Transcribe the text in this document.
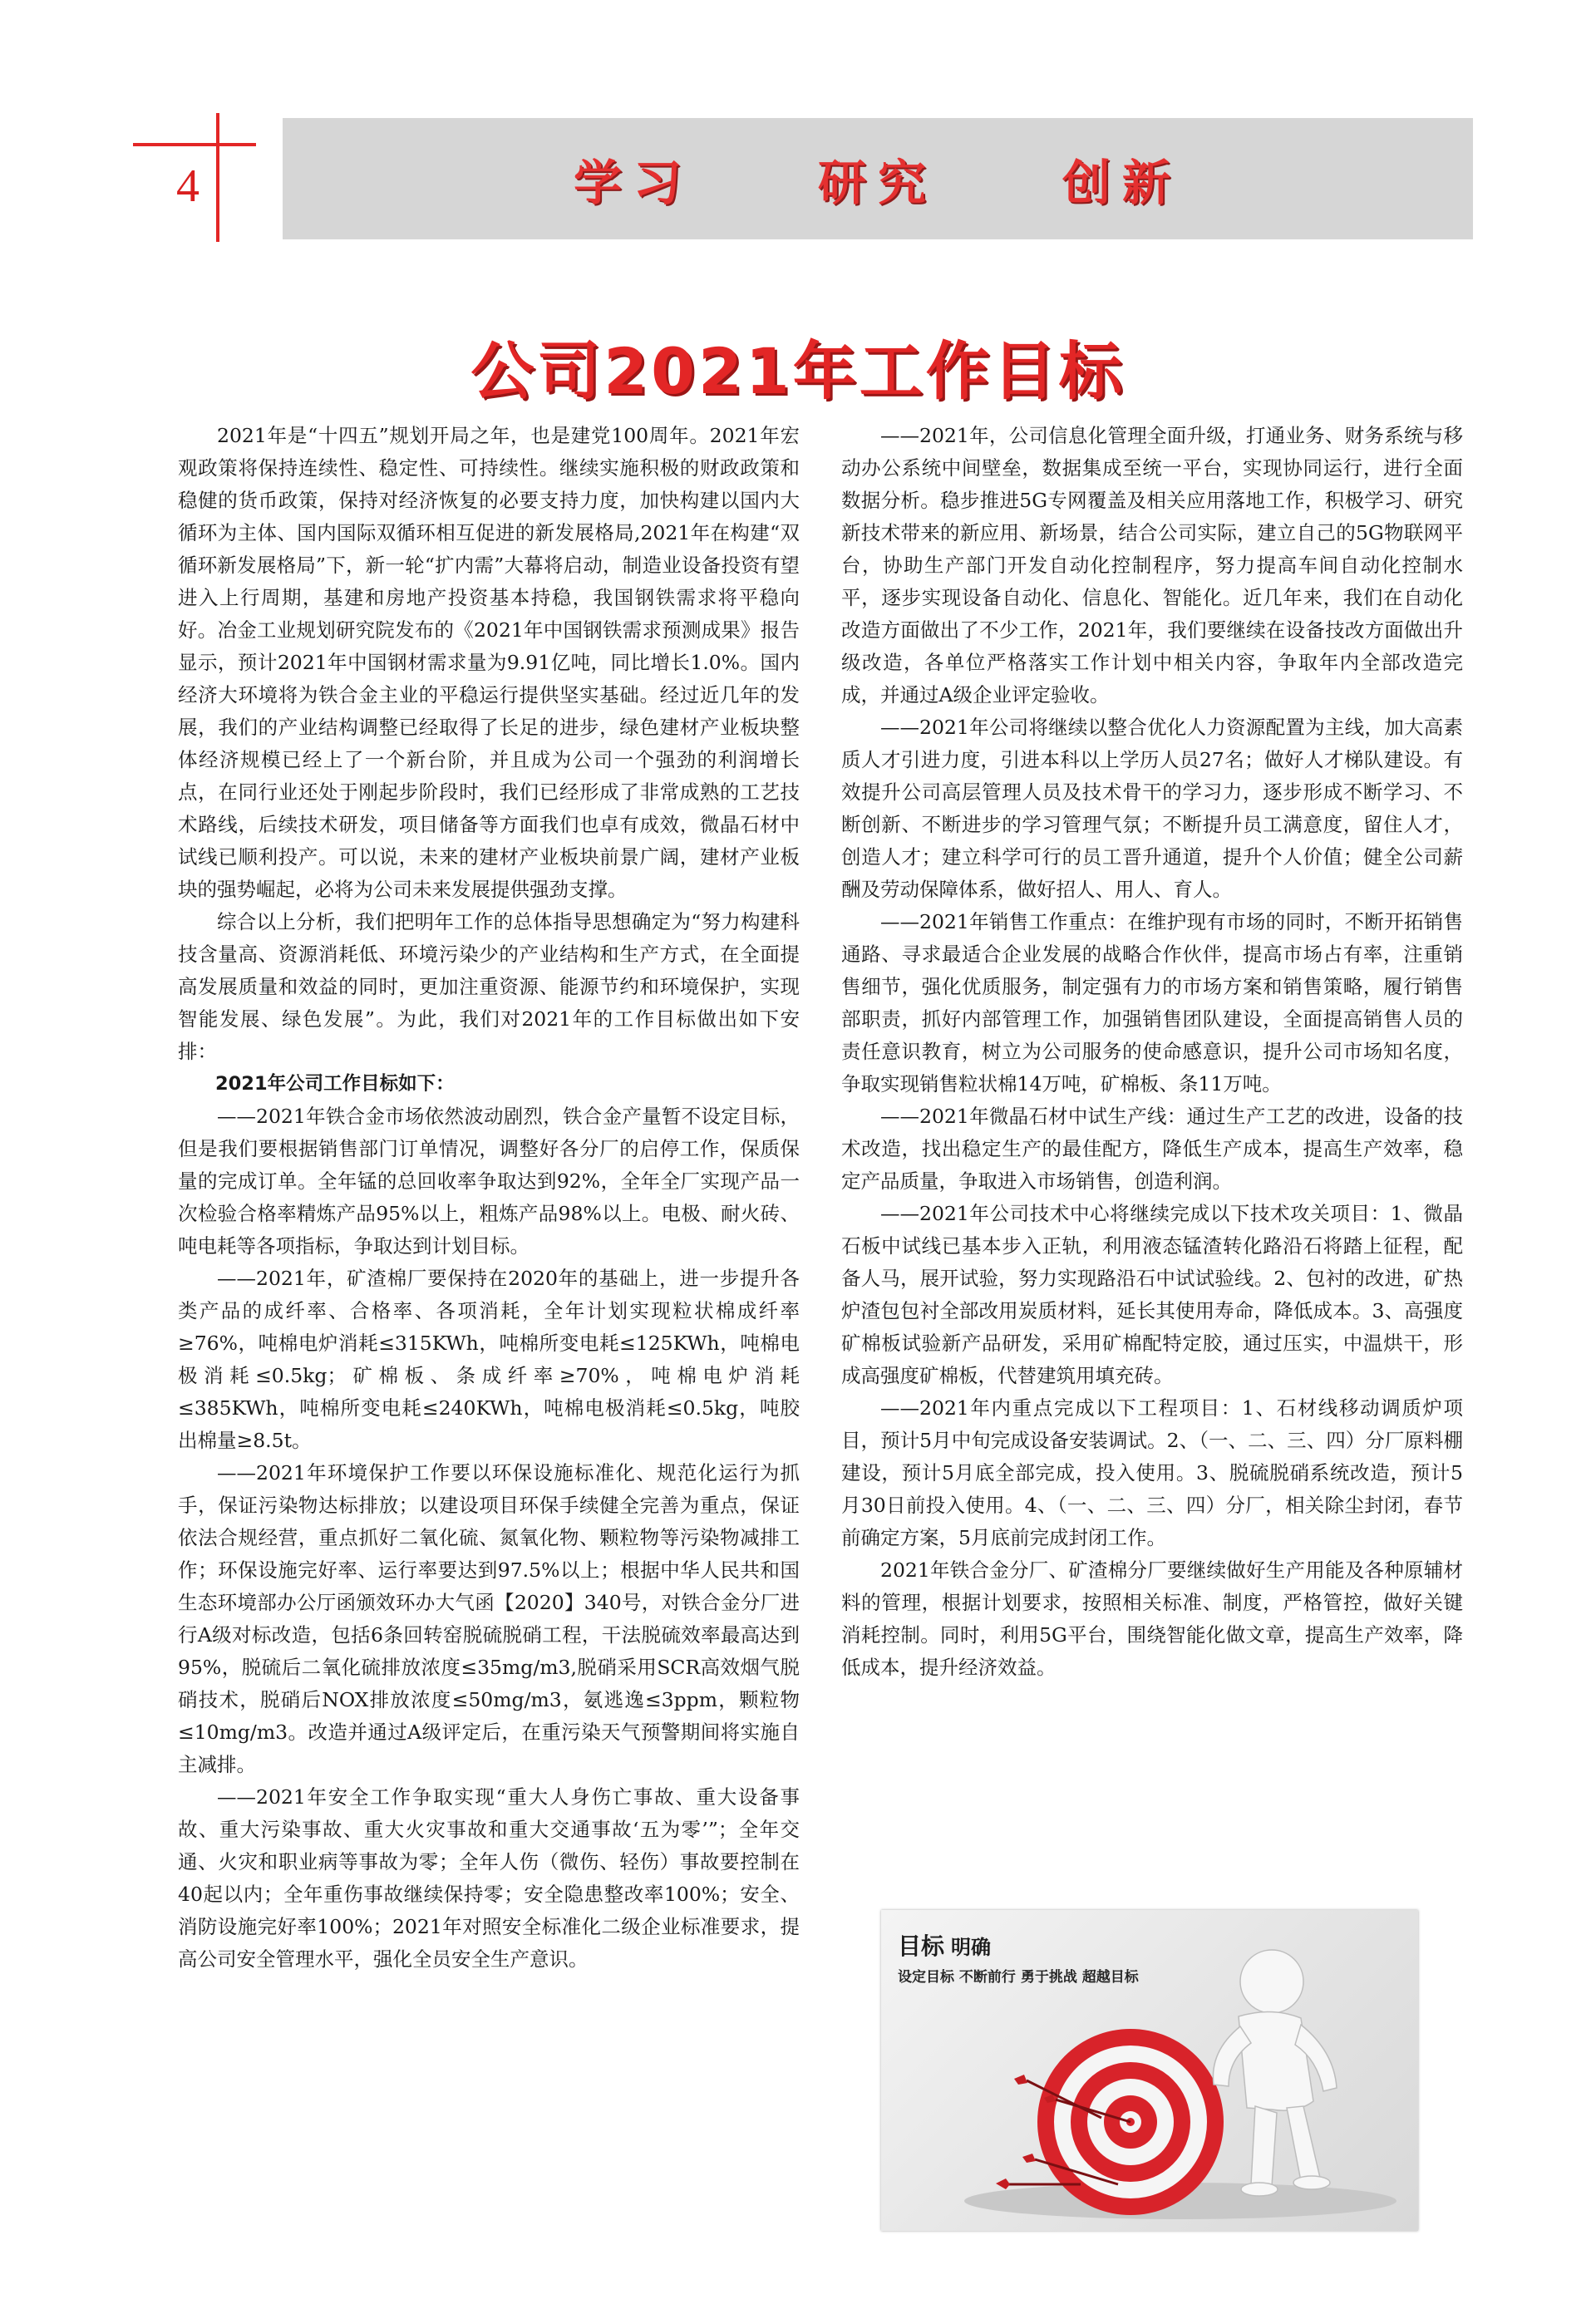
4	学习	研究	创新
公司2021年工作目标

2021年是“十四五”规划开局之年，也是建党100周年。2021年宏观政策将保持连续性、稳定性、可持续性。继续实施积极的财政政策和稳健的货币政策，保持对经济恢复的必要支持力度，加快构建以国内大循环为主体、国内国际双循环相互促进的新发展格局,2021年在构建“双循环新发展格局”下，新一轮“扩内需”大幕将启动，制造业设备投资有望进入上行周期，基建和房地产投资基本持稳，我国钢铁需求将平稳向好。冶金工业规划研究院发布的《2021年中国钢铁需求预测成果》报告显示，预计2021年中国钢材需求量为9.91亿吨，同比增长1.0%。国内经济大环境将为铁合金主业的平稳运行提供坚实基础。经过近几年的发展，我们的产业结构调整已经取得了长足的进步，绿色建材产业板块整体经济规模已经上了一个新台阶，并且成为公司一个强劲的利润增长点，在同行业还处于刚起步阶段时，我们已经形成了非常成熟的工艺技术路线，后续技术研发，项目储备等方面我们也卓有成效，微晶石材中试线已顺利投产。可以说，未来的建材产业板块前景广阔，建材产业板块的强势崛起，必将为公司未来发展提供强劲支撑。

综合以上分析，我们把明年工作的总体指导思想确定为“努力构建科技含量高、资源消耗低、环境污染少的产业结构和生产方式，在全面提高发展质量和效益的同时，更加注重资源、能源节约和环境保护，实现智能发展、绿色发展”。为此，我们对2021年的工作目标做出如下安排：

2021年公司工作目标如下：

——2021年铁合金市场依然波动剧烈，铁合金产量暂不设定目标，但是我们要根据销售部门订单情况，调整好各分厂的启停工作，保质保量的完成订单。全年锰的总回收率争取达到92%，全年全厂实现产品一次检验合格率精炼产品95%以上，粗炼产品98%以上。电极、耐火砖、吨电耗等各项指标，争取达到计划目标。

——2021年，矿渣棉厂要保持在2020年的基础上，进一步提升各类产品的成纤率、合格率、各项消耗，全年计划实现粒状棉成纤率≥76%，吨棉电炉消耗≤315KWh，吨棉所变电耗≤125KWh，吨棉电极消耗≤0.5kg；矿棉板、条成纤率≥70%，吨棉电炉消耗≤385KWh，吨棉所变电耗≤240KWh，吨棉电极消耗≤0.5kg，吨胶出棉量≥8.5t。

——2021年环境保护工作要以环保设施标准化、规范化运行为抓手，保证污染物达标排放；以建设项目环保手续健全完善为重点，保证依法合规经营，重点抓好二氧化硫、氮氧化物、颗粒物等污染物减排工作；环保设施完好率、运行率要达到97.5%以上；根据中华人民共和国生态环境部办公厅函颁效环办大气函【2020】340号，对铁合金分厂进行A级对标改造，包括6条回转窑脱硫脱硝工程，干法脱硫效率最高达到95%，脱硫后二氧化硫排放浓度≤35mg/m3,脱硝采用SCR高效烟气脱硝技术，脱硝后NOX排放浓度≤50mg/m3，氨逃逸≤3ppm，颗粒物≤10mg/m3。改造并通过A级评定后，在重污染天气预警期间将实施自主减排。

——2021年安全工作争取实现“重大人身伤亡事故、重大设备事故、重大污染事故、重大火灾事故和重大交通事故‘五为零’”；全年交通、火灾和职业病等事故为零；全年人伤（微伤、轻伤）事故要控制在40起以内；全年重伤事故继续保持零；安全隐患整改率100%；安全、消防设施完好率100%；2021年对照安全标准化二级企业标准要求，提高公司安全管理水平，强化全员安全生产意识。

——2021年，公司信息化管理全面升级，打通业务、财务系统与移动办公系统中间壁垒，数据集成至统一平台，实现协同运行，进行全面数据分析。稳步推进5G专网覆盖及相关应用落地工作，积极学习、研究新技术带来的新应用、新场景，结合公司实际，建立自己的5G物联网平台，协助生产部门开发自动化控制程序，努力提高车间自动化控制水平，逐步实现设备自动化、信息化、智能化。近几年来，我们在自动化改造方面做出了不少工作，2021年，我们要继续在设备技改方面做出升级改造，各单位严格落实工作计划中相关内容，争取年内全部改造完成，并通过A级企业评定验收。

——2021年公司将继续以整合优化人力资源配置为主线，加大高素质人才引进力度，引进本科以上学历人员27名；做好人才梯队建设。有效提升公司高层管理人员及技术骨干的学习力，逐步形成不断学习、不断创新、不断进步的学习管理气氛；不断提升员工满意度，留住人才，创造人才；建立科学可行的员工晋升通道，提升个人价值；健全公司薪酬及劳动保障体系，做好招人、用人、育人。

——2021年销售工作重点：在维护现有市场的同时，不断开拓销售通路、寻求最适合企业发展的战略合作伙伴，提高市场占有率，注重销售细节，强化优质服务，制定强有力的市场方案和销售策略，履行销售部职责，抓好内部管理工作，加强销售团队建设，全面提高销售人员的责任意识教育，树立为公司服务的使命感意识，提升公司市场知名度，争取实现销售粒状棉14万吨，矿棉板、条11万吨。

——2021年微晶石材中试生产线：通过生产工艺的改进，设备的技术改造，找出稳定生产的最佳配方，降低生产成本，提高生产效率，稳定产品质量，争取进入市场销售，创造利润。

——2021年公司技术中心将继续完成以下技术攻关项目：1、微晶石板中试线已基本步入正轨，利用液态锰渣转化路沿石将踏上征程，配备人马，展开试验，努力实现路沿石中试试验线。2、包衬的改进，矿热炉渣包包衬全部改用炭质材料，延长其使用寿命，降低成本。3、高强度矿棉板试验新产品研发，采用矿棉配特定胶，通过压实，中温烘干，形成高强度矿棉板，代替建筑用填充砖。

——2021年内重点完成以下工程项目：1、石材线移动调质炉项目，预计5月中旬完成设备安装调试。2、（一、二、三、四）分厂原料棚建设，预计5月底全部完成，投入使用。3、脱硫脱硝系统改造，预计5月30日前投入使用。4、（一、二、三、四）分厂，相关除尘封闭，春节前确定方案，5月底前完成封闭工作。

2021年铁合金分厂、矿渣棉分厂要继续做好生产用能及各种原辅材料的管理，根据计划要求，按照相关标准、制度，严格管控，做好关键消耗控制。同时，利用5G平台，围绕智能化做文章，提高生产效率，降低成本，提升经济效益。

目标 明确
设定目标 不断前行 勇于挑战 超越目标
